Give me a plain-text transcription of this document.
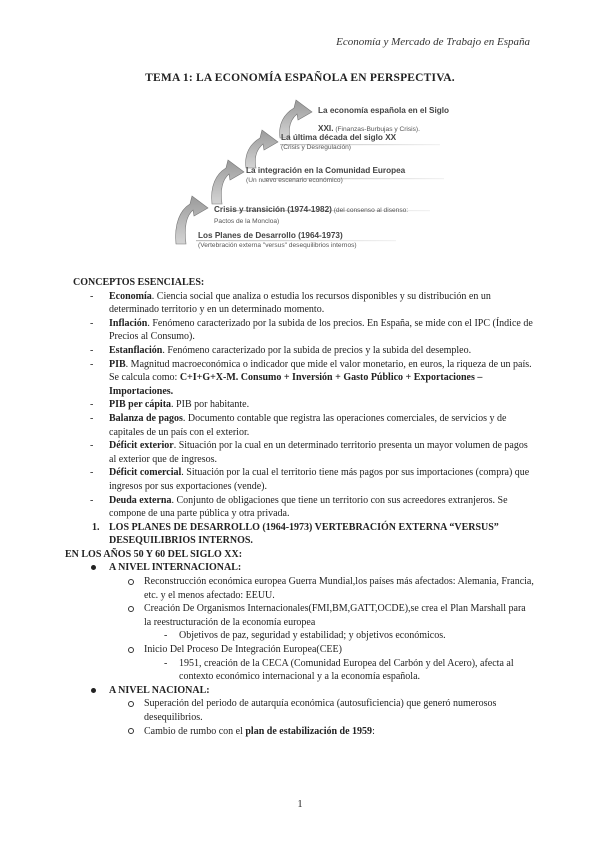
Economía y Mercado de Trabajo en España
TEMA 1: LA ECONOMÍA ESPAÑOLA EN PERSPECTIVA.
La economía española en el Siglo XXI. (Finanzas-Burbujas y Crisis).
La última década del siglo XX
(Crisis y Desregulación)
La integración en la Comunidad Europea
(Un nuevo escenario económico)
Crisis y transición (1974-1982) (del consenso al disenso:
Pactos de la Moncloa)
Los Planes de Desarrollo (1964-1973)
(Vertebración externa "versus" desequilibrios internos)
CONCEPTOS ESENCIALES:
- Economía. Ciencia social que analiza o estudia los recursos disponibles y su distribución en un determinado territorio y en un determinado momento.
- Inflación. Fenómeno caracterizado por la subida de los precios. En España, se mide con el IPC (Índice de Precios al Consumo).
- Estanflación. Fenómeno caracterizado por la subida de precios y la subida del desempleo.
- PIB. Magnitud macroeconómica o indicador que mide el valor monetario, en euros, la riqueza de un país. Se calcula como: C+I+G+X-M. Consumo + Inversión + Gasto Público + Exportaciones – Importaciones.
- PIB per cápita. PIB por habitante.
- Balanza de pagos. Documento contable que registra las operaciones comerciales, de servicios y de capitales de un país con el exterior.
- Déficit exterior. Situación por la cual en un determinado territorio presenta un mayor volumen de pagos al exterior que de ingresos.
- Déficit comercial. Situación por la cual el territorio tiene más pagos por sus importaciones (compra) que ingresos por sus exportaciones (vende).
- Deuda externa. Conjunto de obligaciones que tiene un territorio con sus acreedores extranjeros. Se compone de una parte pública y otra privada.
1. LOS PLANES DE DESARROLLO (1964-1973) VERTEBRACIÓN EXTERNA “VERSUS” DESEQUILIBRIOS INTERNOS.
EN LOS AÑOS 50 Y 60 DEL SIGLO XX:
A NIVEL INTERNACIONAL:
Reconstrucción económica europea Guerra Mundial,los países más afectados: Alemania, Francia, etc. y el menos afectado: EEUU.
Creación De Organismos Internacionales(FMI,BM,GATT,OCDE),se crea el Plan Marshall para la reestructuración de la economía europea
- Objetivos de paz, seguridad y estabilidad; y objetivos económicos.
Inicio Del Proceso De Integración Europea(CEE)
- 1951, creación de la CECA (Comunidad Europea del Carbón y del Acero), afecta al contexto económico internacional y a la economía española.
A NIVEL NACIONAL:
Superación del periodo de autarquía económica (autosuficiencia) que generó numerosos desequilibrios.
Cambio de rumbo con el plan de estabilización de 1959:
1
